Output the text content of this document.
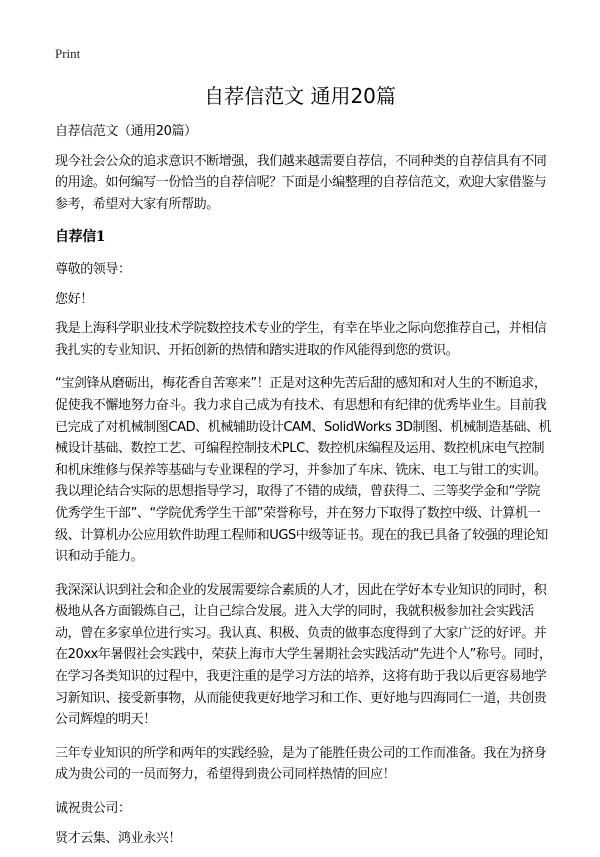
Print
自荐信范文 通用20篇

自荐信范文（通用20篇）

现今社会公众的追求意识不断增强，我们越来越需要自荐信，不同种类的自荐信具有不同的用途。如何编写一份恰当的自荐信呢？下面是小编整理的自荐信范文，欢迎大家借鉴与参考，希望对大家有所帮助。

自荐信1

尊敬的领导：

您好！

我是上海科学职业技术学院数控技术专业的学生，有幸在毕业之际向您推荐自己，并相信我扎实的专业知识、开拓创新的热情和踏实进取的作风能得到您的赏识。

“宝剑锋从磨砺出，梅花香自苦寒来”！正是对这种先苦后甜的感知和对人生的不断追求，促使我不懈地努力奋斗。我力求自己成为有技术、有思想和有纪律的优秀毕业生。目前我已完成了对机械制图CAD、机械辅助设计CAM、SolidWorks 3D制图、机械制造基础、机械设计基础、数控工艺、可编程控制技术PLC、数控机床编程及运用、数控机床电气控制和机床维修与保养等基础与专业课程的学习，并参加了车床、铣床、电工与钳工的实训。我以理论结合实际的思想指导学习，取得了不错的成绩，曾获得二、三等奖学金和“学院优秀学生干部”、“学院优秀学生干部”荣誉称号，并在努力下取得了数控中级、计算机一级、计算机办公应用软件助理工程师和UGS中级等证书。现在的我已具备了较强的理论知识和动手能力。

我深深认识到社会和企业的发展需要综合素质的人才，因此在学好本专业知识的同时，积极地从各方面锻炼自己，让自己综合发展。进入大学的同时，我就积极参加社会实践活动，曾在多家单位进行实习。我认真、积极、负责的做事态度得到了大家广泛的好评。并在20xx年暑假社会实践中，荣获上海市大学生暑期社会实践活动“先进个人”称号。同时，在学习各类知识的过程中，我更注重的是学习方法的培养，这将有助于我以后更容易地学习新知识、接受新事物，从而能使我更好地学习和工作、更好地与四海同仁一道，共创贵公司辉煌的明天！

三年专业知识的所学和两年的实践经验，是为了能胜任贵公司的工作而准备。我在为挤身成为贵公司的一员而努力，希望得到贵公司同样热情的回应！

诚祝贵公司：

贤才云集、鸿业永兴！
